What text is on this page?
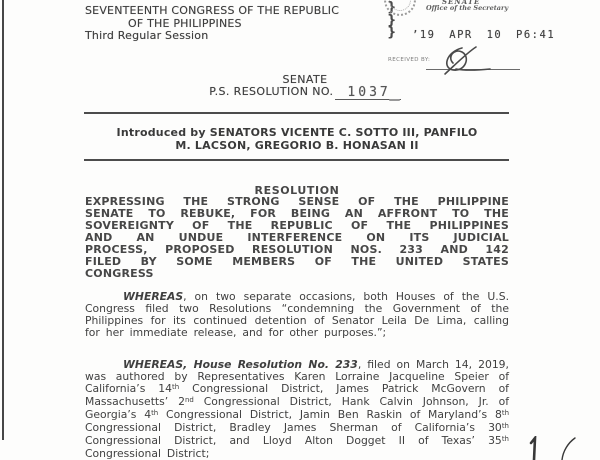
SEVENTEENTH CONGRESS OF THE REPUBLIC
OF THE PHILIPPINES
Third Regular Session
}
}
}
SENATE
Office of the Secretary
’19 APR 10 P6:41
RECEIVED BY:
SENATE
P.S. RESOLUTION NO. 1037
Introduced by SENATORS VICENTE C. SOTTO III, PANFILO
M. LACSON, GREGORIO B. HONASAN II
RESOLUTION
EXPRESSING THE STRONG SENSE OF THE PHILIPPINE
SENATE TO REBUKE, FOR BEING AN AFFRONT TO THE
SOVEREIGNTY OF THE REPUBLIC OF THE PHILIPPINES
AND AN UNDUE INTERFERENCE ON ITS JUDICIAL
PROCESS, PROPOSED RESOLUTION NOS. 233 AND 142
FILED BY SOME MEMBERS OF THE UNITED STATES
CONGRESS

WHEREAS, on two separate occasions, both Houses of the U.S. Congress filed two Resolutions “condemning the Government of the Philippines for its continued detention of Senator Leila De Lima, calling for her immediate release, and for other purposes.”;

WHEREAS, House Resolution No. 233, filed on March 14, 2019, was authored by Representatives Karen Lorraine Jacqueline Speier of California’s 14th Congressional District, James Patrick McGovern of Massachusetts’ 2nd Congressional District, Hank Calvin Johnson, Jr. of Georgia’s 4th Congressional District, Jamin Ben Raskin of Maryland’s 8th Congressional District, Bradley James Sherman of California’s 30th Congressional District, and Lloyd Alton Dogget II of Texas’ 35th Congressional District;
